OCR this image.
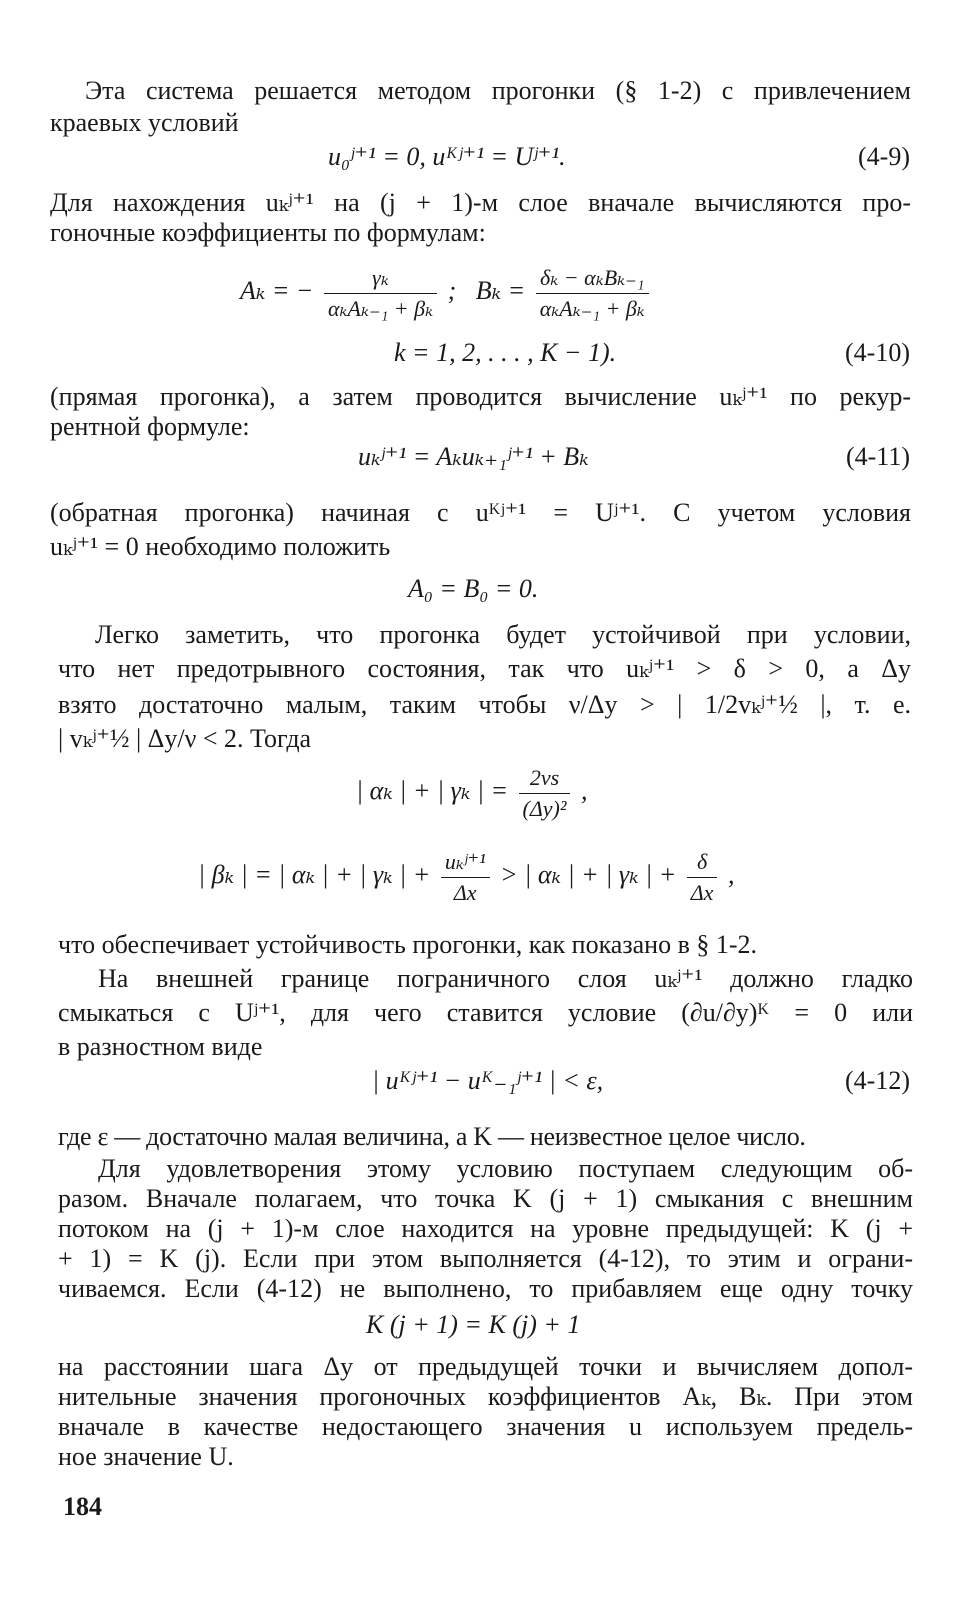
Эта система решается методом прогонки (§ 1-2) с привлечением
краевых условий
u₀ʲ⁺¹ = 0, uᴷʲ⁺¹ = Uʲ⁺¹.	(4-9)
Для нахождения uₖʲ⁺¹ на (j + 1)-м слое вначале вычисляются про-
гоночные коэффициенты по формулам:
Aₖ = − $\frac{\text{γₖ}}{\text{αₖAₖ₋₁ + βₖ}}$ ; $B_k = \frac{\text{δₖ − αₖBₖ₋₁}}{\text{αₖAₖ₋₁ + βₖ}}$
k = 1, 2, . . . , K − 1).	(4-10)
(прямая прогонка), а затем проводится вычисление uₖʲ⁺¹ по рекур-
рентной формуле:
uₖʲ⁺¹ = Aₖuₖ₊₁ʲ⁺¹ + Bₖ	(4-11)
(обратная прогонка) начиная с uᴷʲ⁺¹ = Uʲ⁺¹. С учетом условия
uₖʲ⁺¹ = 0 необходимо положить
A₀ = B₀ = 0.
Легко заметить, что прогонка будет устойчивой при условии,
что нет предотрывного состояния, так что uₖʲ⁺¹ > δ > 0, а Δy
взято достаточно малым, таким чтобы ν/Δy > | 1/2vₖʲ⁺½ |, т. е.
| vₖʲ⁺½ | Δy/ν < 2. Тогда
| αₖ | + | γₖ | = $\frac{2\nu s}{\text{(Δy)²}}$ ,
| βₖ | = | αₖ | + | γₖ | + $\frac{\text{uₖʲ⁺¹}}{\Delta x}$ > | αₖ | + | γₖ | + $\frac{\delta}{\Delta x}$ ,
что обеспечивает устойчивость прогонки, как показано в § 1-2.
На внешней границе пограничного слоя uₖʲ⁺¹ должно гладко
смыкаться с Uʲ⁺¹, для чего ставится условие (∂u/∂y)ᴷ = 0 или
в разностном виде
| uᴷʲ⁺¹ − uᴷ₋₁ʲ⁺¹ | < ε,	(4-12)
где ε — достаточно малая величина, а K — неизвестное целое число.
Для удовлетворения этому условию поступаем следующим об-
разом. Вначале полагаем, что точка K (j + 1) смыкания с внешним
потоком на (j + 1)-м слое находится на уровне предыдущей: K (j +
+ 1) = K (j). Если при этом выполняется (4-12), то этим и ограни-
чиваемся. Если (4-12) не выполнено, то прибавляем еще одну точку
K (j + 1) = K (j) + 1
на расстоянии шага Δy от предыдущей точки и вычисляем допол-
нительные значения прогоночных коэффициентов Aₖ, Bₖ. При этом
вначале в качестве недостающего значения u используем предель-
ное значение U.
184
